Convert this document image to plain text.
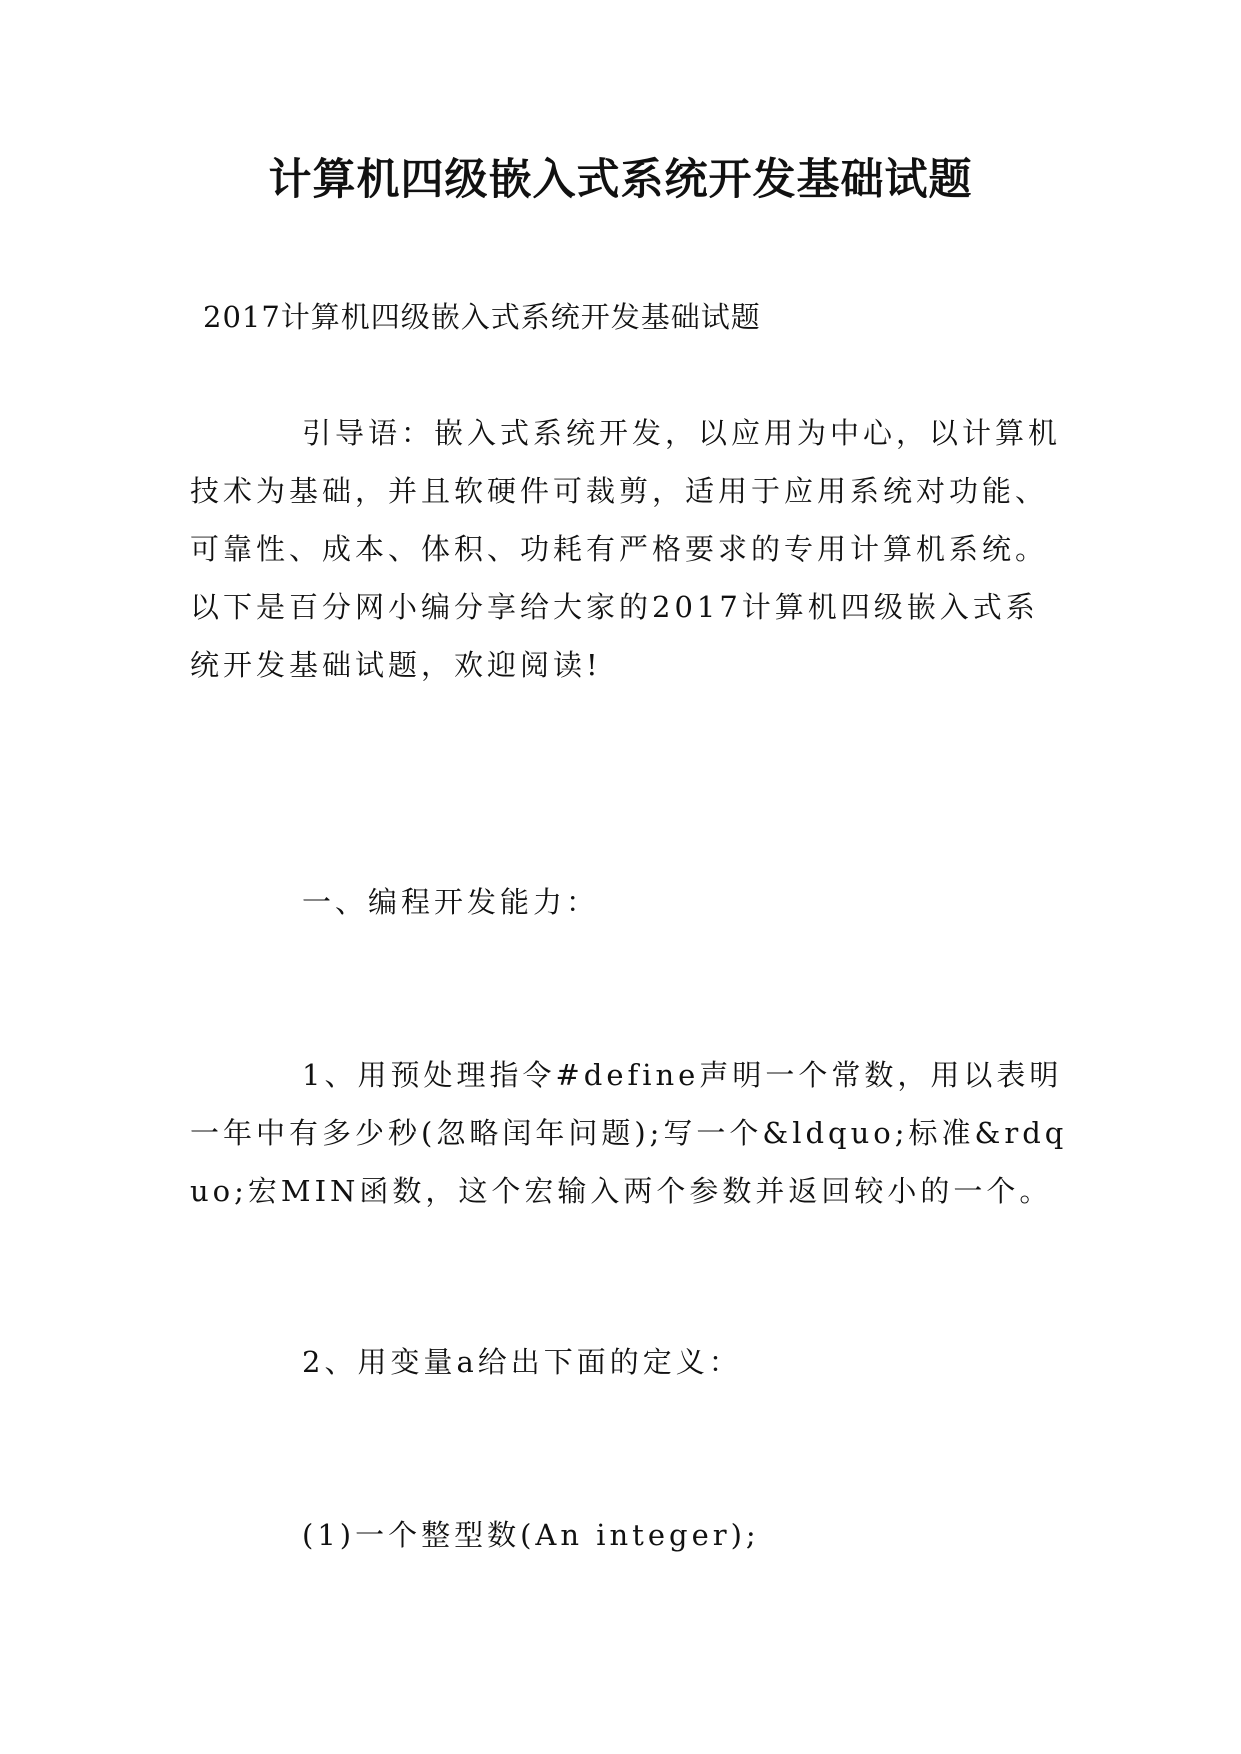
计算机四级嵌入式系统开发基础试题

2017计算机四级嵌入式系统开发基础试题

引导语：嵌入式系统开发，以应用为中心，以计算机技术为基础，并且软硬件可裁剪，适用于应用系统对功能、可靠性、成本、体积、功耗有严格要求的专用计算机系统。以下是百分网小编分享给大家的2017计算机四级嵌入式系统开发基础试题，欢迎阅读!

一、编程开发能力：

1、用预处理指令#define声明一个常数，用以表明一年中有多少秒(忽略闰年问题);写一个&ldquo;标准&rdquo;宏MIN函数，这个宏输入两个参数并返回较小的一个。

2、用变量a给出下面的定义：

(1)一个整型数(An integer);
